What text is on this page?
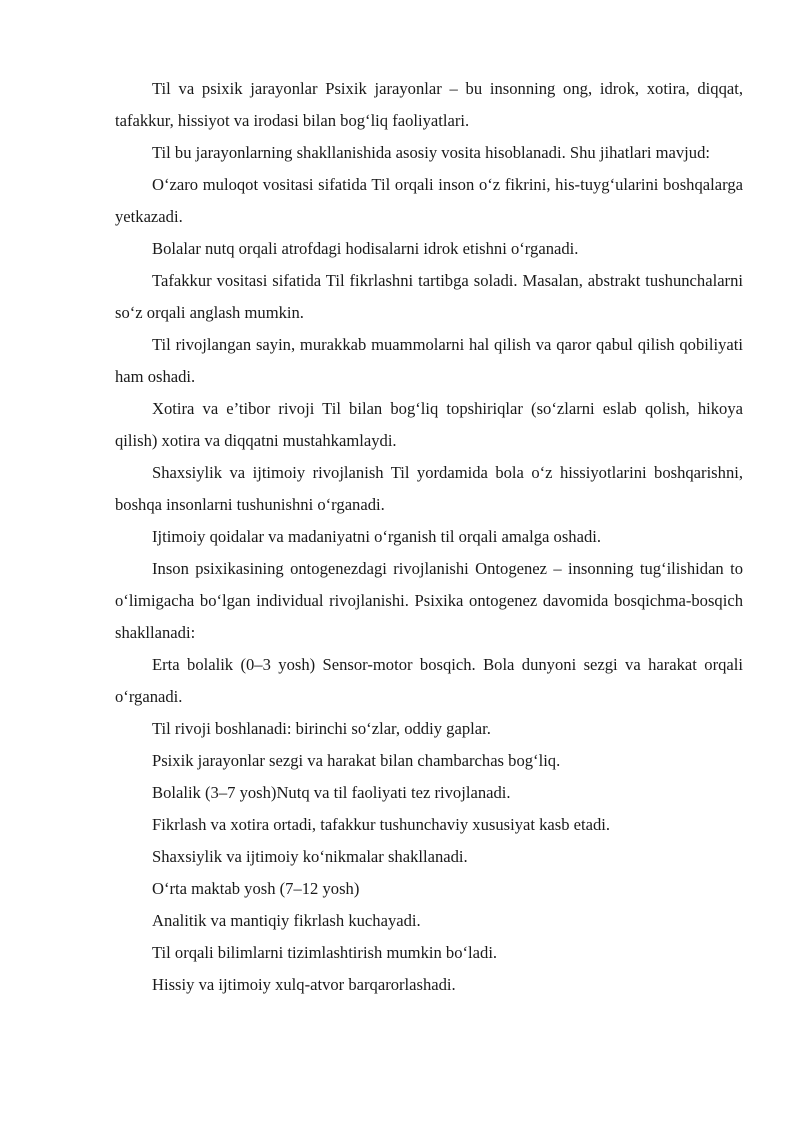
Til va psixik jarayonlar Psixik jarayonlar – bu insonning ong, idrok, xotira, diqqat, tafakkur, hissiyot va irodasi bilan bog‘liq faoliyatlari.

Til bu jarayonlarning shakllanishida asosiy vosita hisoblanadi. Shu jihatlari mavjud:

O‘zaro muloqot vositasi sifatida Til orqali inson o‘z fikrini, his-tuyg‘ularini boshqalarga yetkazadi.

Bolalar nutq orqali atrofdagi hodisalarni idrok etishni o‘rganadi.

Tafakkur vositasi sifatida Til fikrlashni tartibga soladi. Masalan, abstrakt tushunchalarni so‘z orqali anglash mumkin.

Til rivojlangan sayin, murakkab muammolarni hal qilish va qaror qabul qilish qobiliyati ham oshadi.

Xotira va e’tibor rivoji Til bilan bog‘liq topshiriqlar (so‘zlarni eslab qolish, hikoya qilish) xotira va diqqatni mustahkamlaydi.

Shaxsiylik va ijtimoiy rivojlanish Til yordamida bola o‘z hissiyotlarini boshqarishni, boshqa insonlarni tushunishni o‘rganadi.

Ijtimoiy qoidalar va madaniyatni o‘rganish til orqali amalga oshadi.

Inson psixikasining ontogenezdagi rivojlanishi Ontogenez – insonning tug‘ilishidan to o‘limigacha bo‘lgan individual rivojlanishi. Psixika ontogenez davomida bosqichma-bosqich shakllanadi:

Erta bolalik (0–3 yosh) Sensor-motor bosqich. Bola dunyoni sezgi va harakat orqali o‘rganadi.

Til rivoji boshlanadi: birinchi so‘zlar, oddiy gaplar.

Psixik jarayonlar sezgi va harakat bilan chambarchas bog‘liq.

Bolalik (3–7 yosh)Nutq va til faoliyati tez rivojlanadi.

Fikrlash va xotira ortadi, tafakkur tushunchaviy xususiyat kasb etadi.

Shaxsiylik va ijtimoiy ko‘nikmalar shakllanadi.

O‘rta maktab yosh (7–12 yosh)

Analitik va mantiqiy fikrlash kuchayadi.

Til orqali bilimlarni tizimlashtirish mumkin bo‘ladi.

Hissiy va ijtimoiy xulq-atvor barqarorlashadi.
